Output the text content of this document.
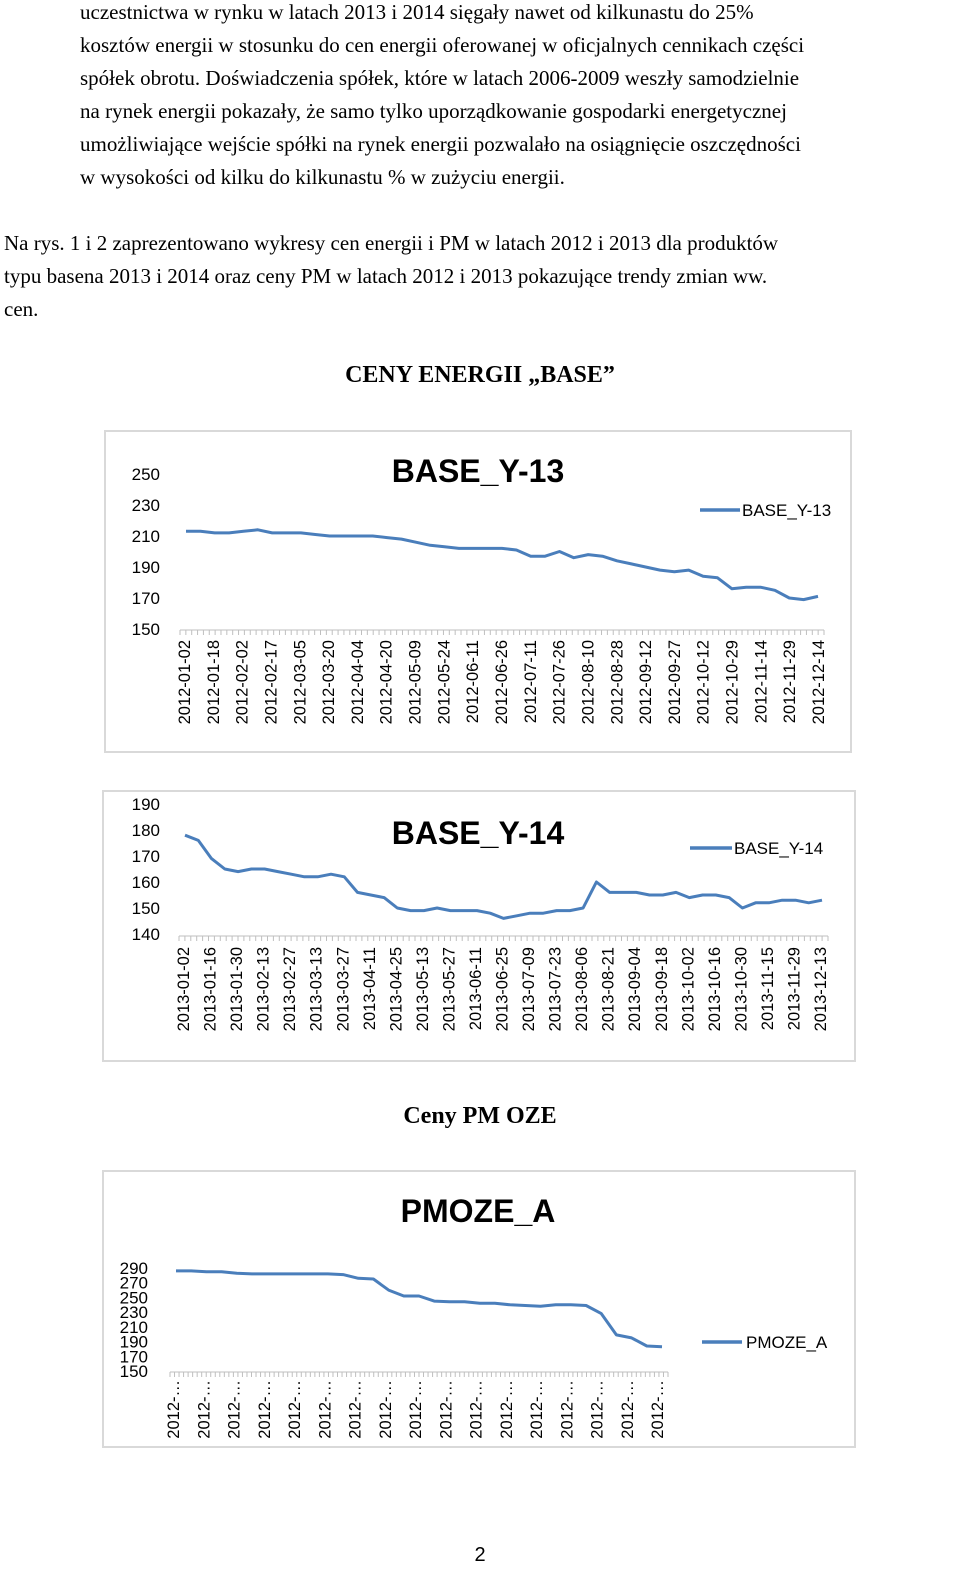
uczestnictwa w rynku w latach 2013 i 2014 sięgały nawet od kilkunastu do 25%
kosztów energii w stosunku do cen energii oferowanej w oficjalnych cennikach części
spółek obrotu. Doświadczenia spółek, które w latach 2006-2009 weszły samodzielnie
na rynek energii pokazały, że samo tylko uporządkowanie gospodarki energetycznej
umożliwiające wejście spółki na rynek energii pozwalało na osiągnięcie oszczędności
w wysokości od kilku do kilkunastu % w zużyciu energii.
Na rys. 1 i 2 zaprezentowano wykresy cen energii i PM w latach 2012 i 2013 dla produktów
typu basena 2013 i 2014 oraz ceny PM w latach 2012 i 2013 pokazujące trendy zmian ww.
cen.
CENY ENERGII „BASE”
BASE_Y-13
250
230
210
190
170
150
2012-01-02 2012-01-18 2012-02-02 2012-02-17 2012-03-05 2012-03-20 2012-04-04 2012-04-20 2012-05-09 2012-05-24 2012-06-11 2012-06-26 2012-07-11 2012-07-26 2012-08-10 2012-08-28 2012-09-12 2012-09-27 2012-10-12 2012-10-29 2012-11-14 2012-11-29 2012-12-14
BASE_Y-13
BASE_Y-14
190
180
170
160
150
140
2013-01-02 2013-01-16 2013-01-30 2013-02-13 2013-02-27 2013-03-13 2013-03-27 2013-04-11 2013-04-25 2013-05-13 2013-05-27 2013-06-11 2013-06-25 2013-07-09 2013-07-23 2013-08-06 2013-08-21 2013-09-04 2013-09-18 2013-10-02 2013-10-16 2013-10-30 2013-11-15 2013-11-29 2013-12-13
BASE_Y-14
Ceny PM OZE
PMOZE_A
290
270
250
230
210
190
170
150
2012-… 2012-… 2012-… 2012-… 2012-… 2012-… 2012-… 2012-… 2012-… 2012-… 2012-… 2012-… 2012-… 2012-… 2012-… 2012-… 2012-…
PMOZE_A
2
